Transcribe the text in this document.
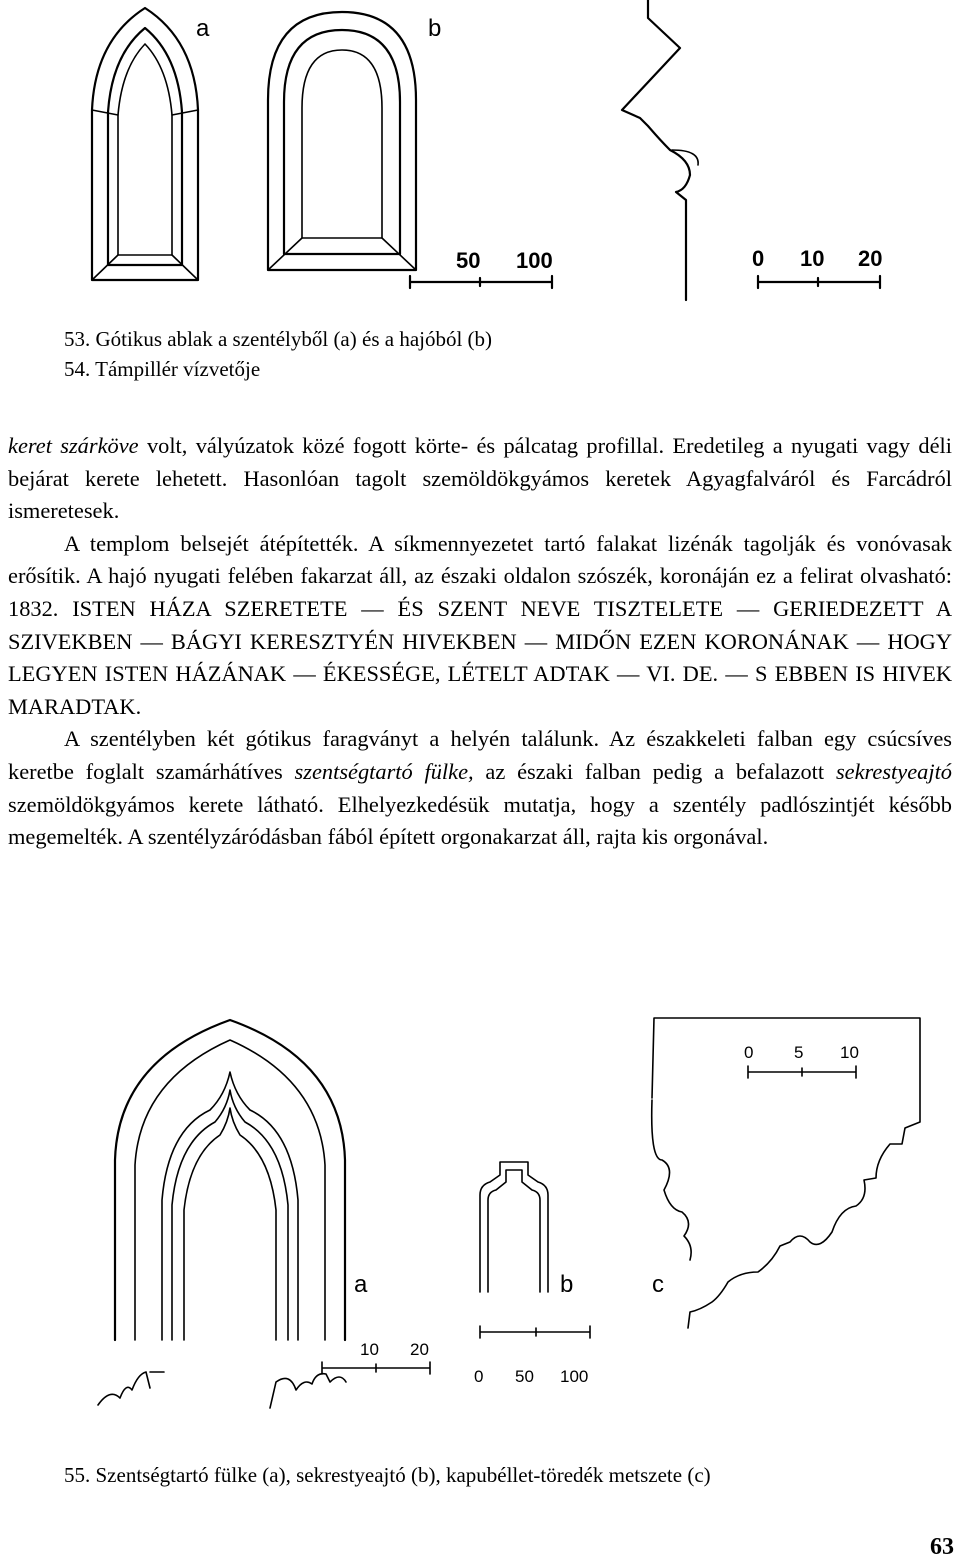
a	b
50 100	0 10 20
53. Gótikus ablak a szentélyből (a) és a hajóból (b)
54. Támpillér vízvetője

keret szárköve volt, vályúzatok közé fogott körte- és pálcatag profillal. Eredetileg a nyugati vagy déli bejárat kerete lehetett. Hasonlóan tagolt szemöldökgyámos keretek Agyagfalváról és Farcádról ismeretesek.

A templom belsejét átépítették. A síkmennyezetet tartó falakat lizénák tagolják és vonóvasak erősítik. A hajó nyugati felében fakarzat áll, az északi oldalon szószék, koronáján ez a felirat olvasható: 1832. ISTEN HÁZA SZERETETE — ÉS SZENT NEVE TISZTELETE — GERIEDEZETT A SZIVEKBEN — BÁGYI KERESZTYÉN HIVEKBEN — MIDŐN EZEN KORONÁNAK — HOGY LEGYEN ISTEN HÁZÁNAK — ÉKESSÉGE, LÉTELT ADTAK — VI. DE. — S EBBEN IS HIVEK MARADTAK.

A szentélyben két gótikus faragványt a helyén találunk. Az északkeleti falban egy csúcsíves keretbe foglalt szamárhátíves szentségtartó fülke, az északi falban pedig a befalazott sekrestyeajtó szemöldökgyámos kerete látható. Elhelyezkedésük mutatja, hogy a szentély padlószintjét később megemelték. A szentélyzáródásban fából épített orgonakarzat áll, rajta kis orgonával.

a
10 20
b
0 50 100
c
0 5 10
55. Szentségtartó fülke (a), sekrestyeajtó (b), kapubéllet-töredék metszete (c)
63
